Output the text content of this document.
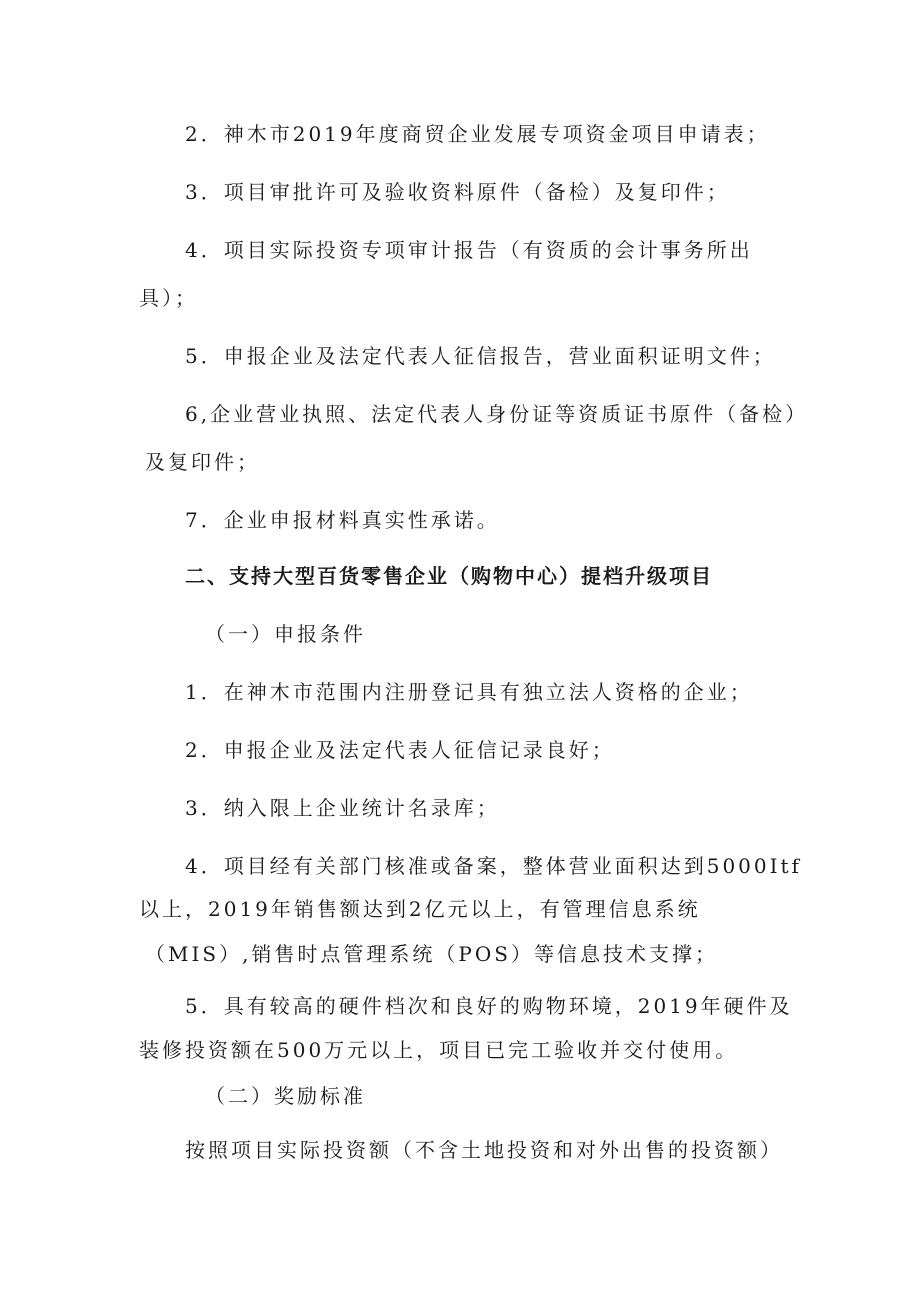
2．神木市2019年度商贸企业发展专项资金项目申请表；
3．项目审批许可及验收资料原件（备检）及复印件；
4．项目实际投资专项审计报告（有资质的会计事务所出
具）；
5．申报企业及法定代表人征信报告，营业面积证明文件；
6,企业营业执照、法定代表人身份证等资质证书原件（备检）
及复印件；
7．企业申报材料真实性承诺。
二、支持大型百货零售企业（购物中心）提档升级项目
（一）申报条件
1．在神木市范围内注册登记具有独立法人资格的企业；
2．申报企业及法定代表人征信记录良好；
3．纳入限上企业统计名录库；
4．项目经有关部门核准或备案，整体营业面积达到5000Itf
以上，2019年销售额达到2亿元以上，有管理信息系统
（MIS）,销售时点管理系统（POS）等信息技术支撑；
5．具有较高的硬件档次和良好的购物环境，2019年硬件及
装修投资额在500万元以上，项目已完工验收并交付使用。
（二）奖励标准
按照项目实际投资额（不含土地投资和对外出售的投资额）
